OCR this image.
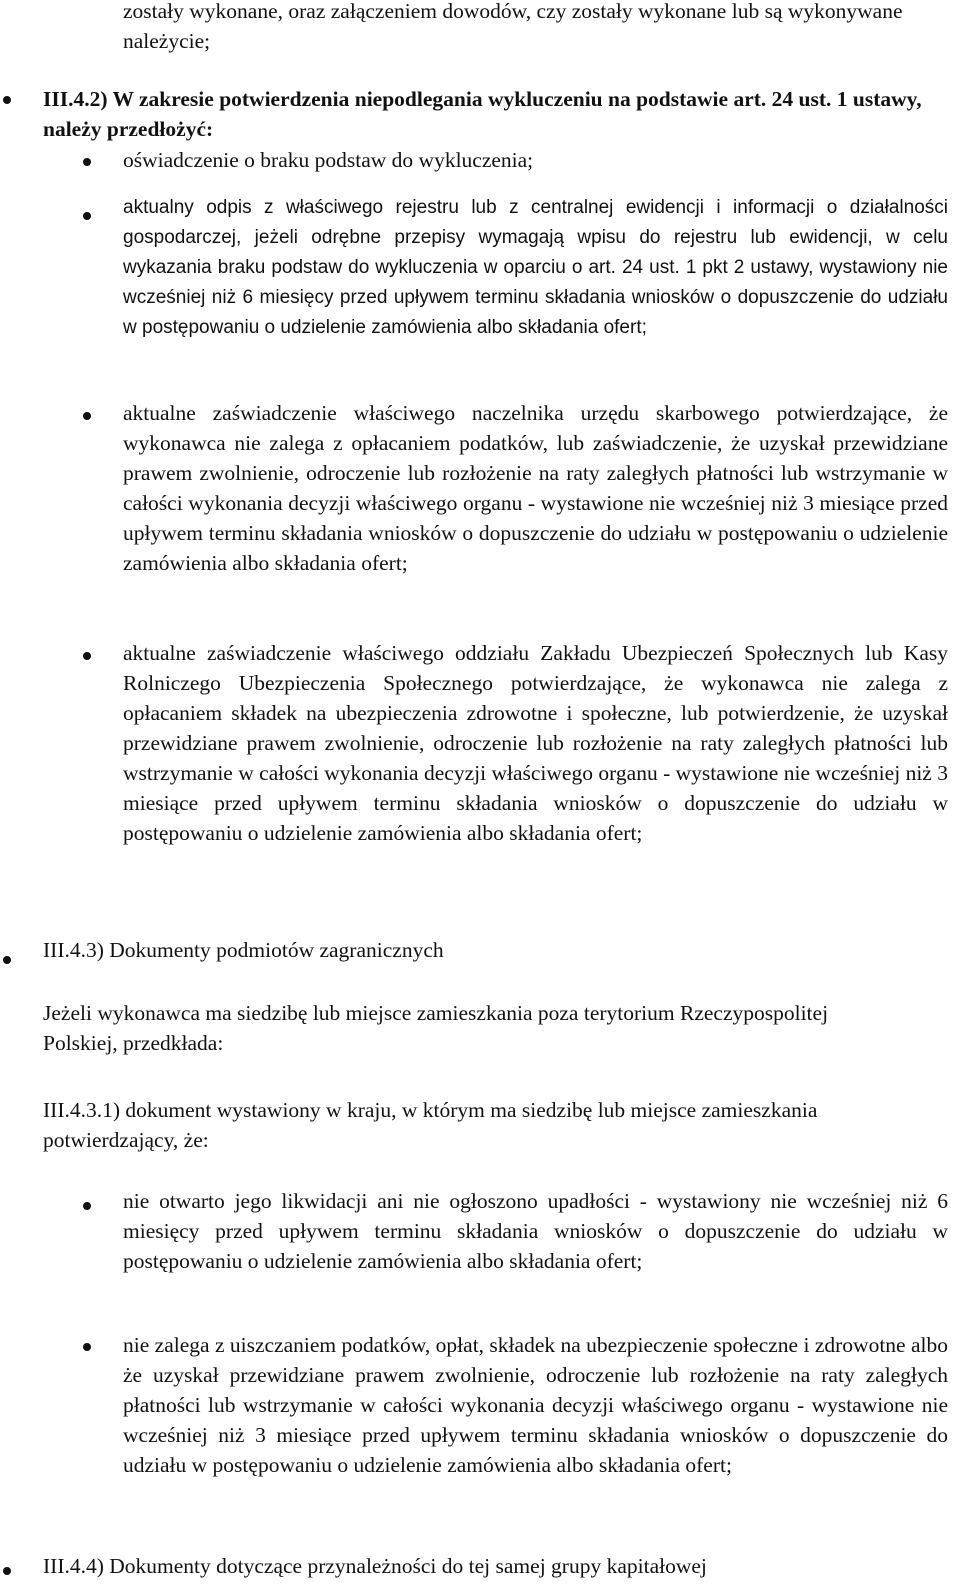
zostały wykonane, oraz załączeniem dowodów, czy zostały wykonane lub są wykonywane należycie;

III.4.2) W zakresie potwierdzenia niepodlegania wykluczeniu na podstawie art. 24 ust. 1 ustawy, należy przedłożyć:

oświadczenie o braku podstaw do wykluczenia;

aktualny odpis z właściwego rejestru lub z centralnej ewidencji i informacji o działalności gospodarczej, jeżeli odrębne przepisy wymagają wpisu do rejestru lub ewidencji, w celu wykazania braku podstaw do wykluczenia w oparciu o art. 24 ust. 1 pkt 2 ustawy, wystawiony nie wcześniej niż 6 miesięcy przed upływem terminu składania wniosków o dopuszczenie do udziału w postępowaniu o udzielenie zamówienia albo składania ofert;

aktualne zaświadczenie właściwego naczelnika urzędu skarbowego potwierdzające, że wykonawca nie zalega z opłacaniem podatków, lub zaświadczenie, że uzyskał przewidziane prawem zwolnienie, odroczenie lub rozłożenie na raty zaległych płatności lub wstrzymanie w całości wykonania decyzji właściwego organu - wystawione nie wcześniej niż 3 miesiące przed upływem terminu składania wniosków o dopuszczenie do udziału w postępowaniu o udzielenie zamówienia albo składania ofert;

aktualne zaświadczenie właściwego oddziału Zakładu Ubezpieczeń Społecznych lub Kasy Rolniczego Ubezpieczenia Społecznego potwierdzające, że wykonawca nie zalega z opłacaniem składek na ubezpieczenia zdrowotne i społeczne, lub potwierdzenie, że uzyskał przewidziane prawem zwolnienie, odroczenie lub rozłożenie na raty zaległych płatności lub wstrzymanie w całości wykonania decyzji właściwego organu - wystawione nie wcześniej niż 3 miesiące przed upływem terminu składania wniosków o dopuszczenie do udziału w postępowaniu o udzielenie zamówienia albo składania ofert;

III.4.3) Dokumenty podmiotów zagranicznych

Jeżeli wykonawca ma siedzibę lub miejsce zamieszkania poza terytorium Rzeczypospolitej Polskiej, przedkłada:

III.4.3.1) dokument wystawiony w kraju, w którym ma siedzibę lub miejsce zamieszkania potwierdzający, że:

nie otwarto jego likwidacji ani nie ogłoszono upadłości - wystawiony nie wcześniej niż 6 miesięcy przed upływem terminu składania wniosków o dopuszczenie do udziału w postępowaniu o udzielenie zamówienia albo składania ofert;

nie zalega z uiszczaniem podatków, opłat, składek na ubezpieczenie społeczne i zdrowotne albo że uzyskał przewidziane prawem zwolnienie, odroczenie lub rozłożenie na raty zaległych płatności lub wstrzymanie w całości wykonania decyzji właściwego organu - wystawione nie wcześniej niż 3 miesiące przed upływem terminu składania wniosków o dopuszczenie do udziału w postępowaniu o udzielenie zamówienia albo składania ofert;

III.4.4) Dokumenty dotyczące przynależności do tej samej grupy kapitałowej
